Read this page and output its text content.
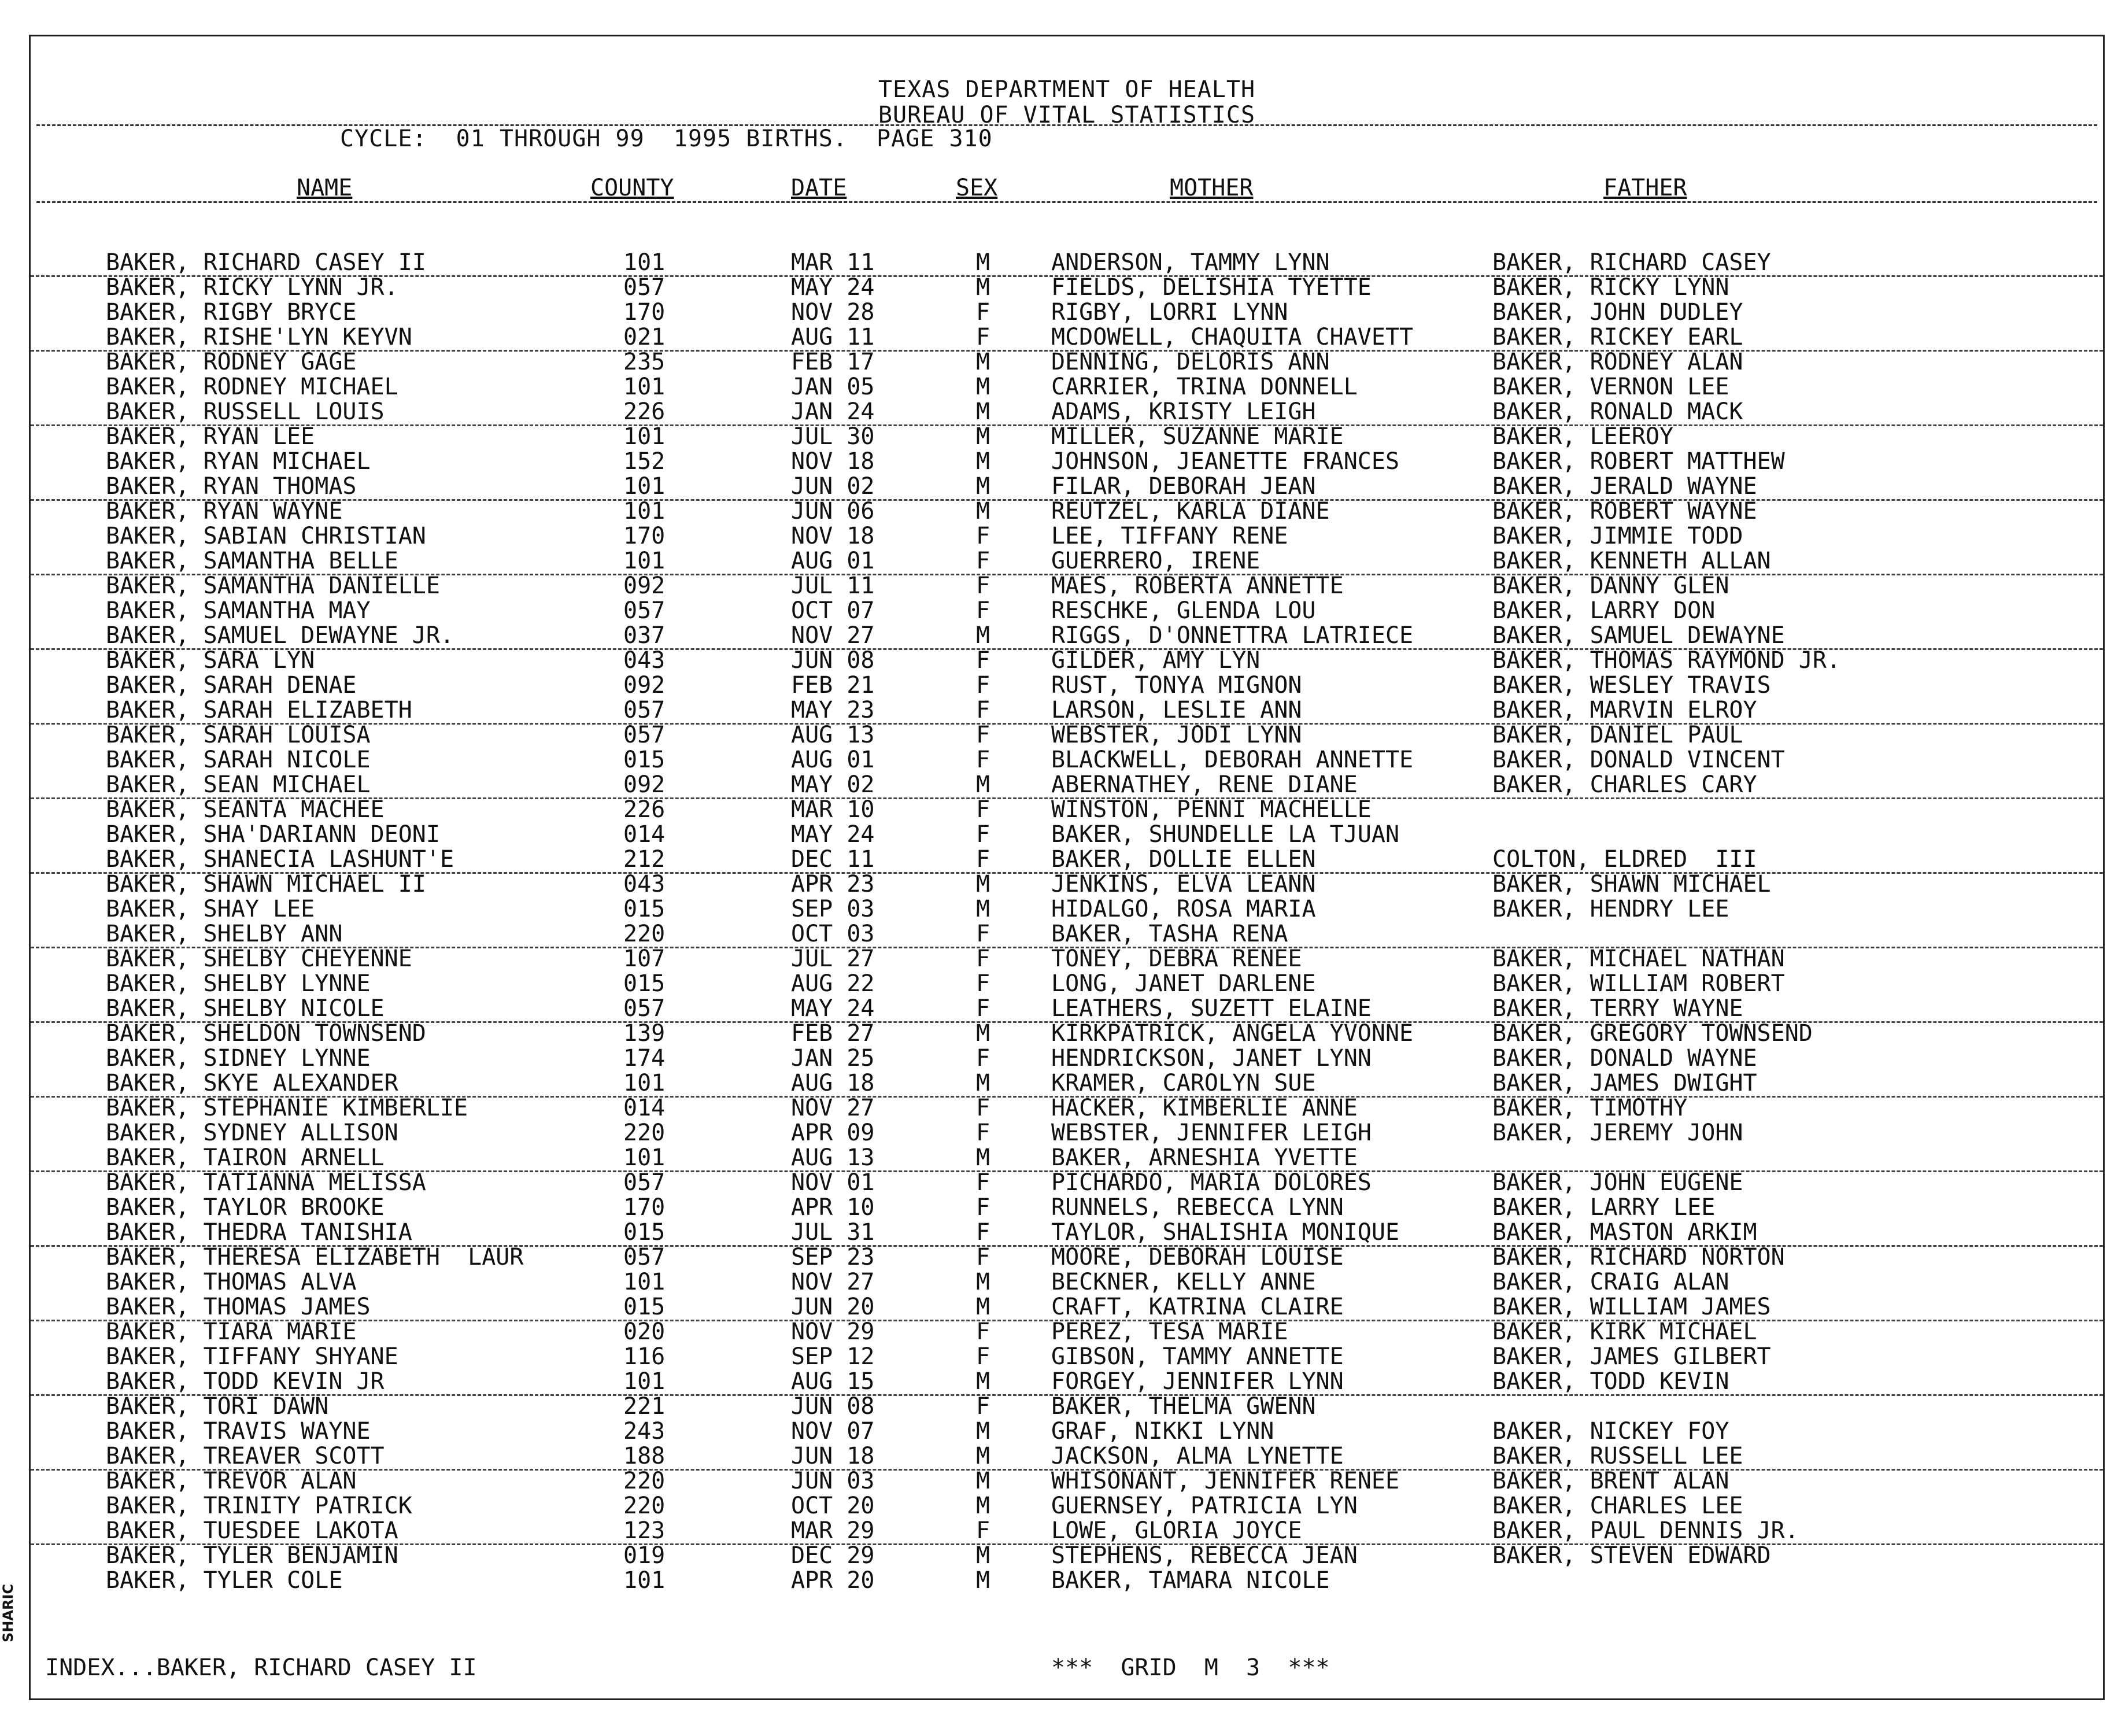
TEXAS DEPARTMENT OF HEALTH
BUREAU OF VITAL STATISTICS
CYCLE:  01 THROUGH 99  1995 BIRTHS.  PAGE 310
NAME	COUNTY	DATE	SEX	MOTHER	FATHER
BAKER, RICHARD CASEY II	101	MAR 11	M	ANDERSON, TAMMY LYNN	BAKER, RICHARD CASEY
BAKER, RICKY LYNN JR.	057	MAY 24	M	FIELDS, DELISHIA TYETTE	BAKER, RICKY LYNN
BAKER, RIGBY BRYCE	170	NOV 28	F	RIGBY, LORRI LYNN	BAKER, JOHN DUDLEY
BAKER, RISHE'LYN KEYVN	021	AUG 11	F	MCDOWELL, CHAQUITA CHAVETT	BAKER, RICKEY EARL
BAKER, RODNEY GAGE	235	FEB 17	M	DENNING, DELORIS ANN	BAKER, RODNEY ALAN
BAKER, RODNEY MICHAEL	101	JAN 05	M	CARRIER, TRINA DONNELL	BAKER, VERNON LEE
BAKER, RUSSELL LOUIS	226	JAN 24	M	ADAMS, KRISTY LEIGH	BAKER, RONALD MACK
BAKER, RYAN LEE	101	JUL 30	M	MILLER, SUZANNE MARIE	BAKER, LEEROY
BAKER, RYAN MICHAEL	152	NOV 18	M	JOHNSON, JEANETTE FRANCES	BAKER, ROBERT MATTHEW
BAKER, RYAN THOMAS	101	JUN 02	M	FILAR, DEBORAH JEAN	BAKER, JERALD WAYNE
BAKER, RYAN WAYNE	101	JUN 06	M	REUTZEL, KARLA DIANE	BAKER, ROBERT WAYNE
BAKER, SABIAN CHRISTIAN	170	NOV 18	F	LEE, TIFFANY RENE	BAKER, JIMMIE TODD
BAKER, SAMANTHA BELLE	101	AUG 01	F	GUERRERO, IRENE	BAKER, KENNETH ALLAN
BAKER, SAMANTHA DANIELLE	092	JUL 11	F	MAES, ROBERTA ANNETTE	BAKER, DANNY GLEN
BAKER, SAMANTHA MAY	057	OCT 07	F	RESCHKE, GLENDA LOU	BAKER, LARRY DON
BAKER, SAMUEL DEWAYNE JR.	037	NOV 27	M	RIGGS, D'ONNETTRA LATRIECE	BAKER, SAMUEL DEWAYNE
BAKER, SARA LYN	043	JUN 08	F	GILDER, AMY LYN	BAKER, THOMAS RAYMOND JR.
BAKER, SARAH DENAE	092	FEB 21	F	RUST, TONYA MIGNON	BAKER, WESLEY TRAVIS
BAKER, SARAH ELIZABETH	057	MAY 23	F	LARSON, LESLIE ANN	BAKER, MARVIN ELROY
BAKER, SARAH LOUISA	057	AUG 13	F	WEBSTER, JODI LYNN	BAKER, DANIEL PAUL
BAKER, SARAH NICOLE	015	AUG 01	F	BLACKWELL, DEBORAH ANNETTE	BAKER, DONALD VINCENT
BAKER, SEAN MICHAEL	092	MAY 02	M	ABERNATHEY, RENE DIANE	BAKER, CHARLES CARY
BAKER, SEANTA MACHEE	226	MAR 10	F	WINSTON, PENNI MACHELLE
BAKER, SHA'DARIANN DEONI	014	MAY 24	F	BAKER, SHUNDELLE LA TJUAN
BAKER, SHANECIA LASHUNT'E	212	DEC 11	F	BAKER, DOLLIE ELLEN	COLTON, ELDRED  III
BAKER, SHAWN MICHAEL II	043	APR 23	M	JENKINS, ELVA LEANN	BAKER, SHAWN MICHAEL
BAKER, SHAY LEE	015	SEP 03	M	HIDALGO, ROSA MARIA	BAKER, HENDRY LEE
BAKER, SHELBY ANN	220	OCT 03	F	BAKER, TASHA RENA
BAKER, SHELBY CHEYENNE	107	JUL 27	F	TONEY, DEBRA RENEE	BAKER, MICHAEL NATHAN
BAKER, SHELBY LYNNE	015	AUG 22	F	LONG, JANET DARLENE	BAKER, WILLIAM ROBERT
BAKER, SHELBY NICOLE	057	MAY 24	F	LEATHERS, SUZETT ELAINE	BAKER, TERRY WAYNE
BAKER, SHELDON TOWNSEND	139	FEB 27	M	KIRKPATRICK, ANGELA YVONNE	BAKER, GREGORY TOWNSEND
BAKER, SIDNEY LYNNE	174	JAN 25	F	HENDRICKSON, JANET LYNN	BAKER, DONALD WAYNE
BAKER, SKYE ALEXANDER	101	AUG 18	M	KRAMER, CAROLYN SUE	BAKER, JAMES DWIGHT
BAKER, STEPHANIE KIMBERLIE	014	NOV 27	F	HACKER, KIMBERLIE ANNE	BAKER, TIMOTHY
BAKER, SYDNEY ALLISON	220	APR 09	F	WEBSTER, JENNIFER LEIGH	BAKER, JEREMY JOHN
BAKER, TAIRON ARNELL	101	AUG 13	M	BAKER, ARNESHIA YVETTE
BAKER, TATIANNA MELISSA	057	NOV 01	F	PICHARDO, MARIA DOLORES	BAKER, JOHN EUGENE
BAKER, TAYLOR BROOKE	170	APR 10	F	RUNNELS, REBECCA LYNN	BAKER, LARRY LEE
BAKER, THEDRA TANISHIA	015	JUL 31	F	TAYLOR, SHALISHIA MONIQUE	BAKER, MASTON ARKIM
BAKER, THERESA ELIZABETH  LAUR	057	SEP 23	F	MOORE, DEBORAH LOUISE	BAKER, RICHARD NORTON
BAKER, THOMAS ALVA	101	NOV 27	M	BECKNER, KELLY ANNE	BAKER, CRAIG ALAN
BAKER, THOMAS JAMES	015	JUN 20	M	CRAFT, KATRINA CLAIRE	BAKER, WILLIAM JAMES
BAKER, TIARA MARIE	020	NOV 29	F	PEREZ, TESA MARIE	BAKER, KIRK MICHAEL
BAKER, TIFFANY SHYANE	116	SEP 12	F	GIBSON, TAMMY ANNETTE	BAKER, JAMES GILBERT
BAKER, TODD KEVIN JR	101	AUG 15	M	FORGEY, JENNIFER LYNN	BAKER, TODD KEVIN
BAKER, TORI DAWN	221	JUN 08	F	BAKER, THELMA GWENN
BAKER, TRAVIS WAYNE	243	NOV 07	M	GRAF, NIKKI LYNN	BAKER, NICKEY FOY
BAKER, TREAVER SCOTT	188	JUN 18	M	JACKSON, ALMA LYNETTE	BAKER, RUSSELL LEE
BAKER, TREVOR ALAN	220	JUN 03	M	WHISONANT, JENNIFER RENEE	BAKER, BRENT ALAN
BAKER, TRINITY PATRICK	220	OCT 20	M	GUERNSEY, PATRICIA LYN	BAKER, CHARLES LEE
BAKER, TUESDEE LAKOTA	123	MAR 29	F	LOWE, GLORIA JOYCE	BAKER, PAUL DENNIS JR.
BAKER, TYLER BENJAMIN	019	DEC 29	M	STEPHENS, REBECCA JEAN	BAKER, STEVEN EDWARD
BAKER, TYLER COLE	101	APR 20	M	BAKER, TAMARA NICOLE
INDEX...BAKER, RICHARD CASEY II	***  GRID  M  3  ***
SHARIC
